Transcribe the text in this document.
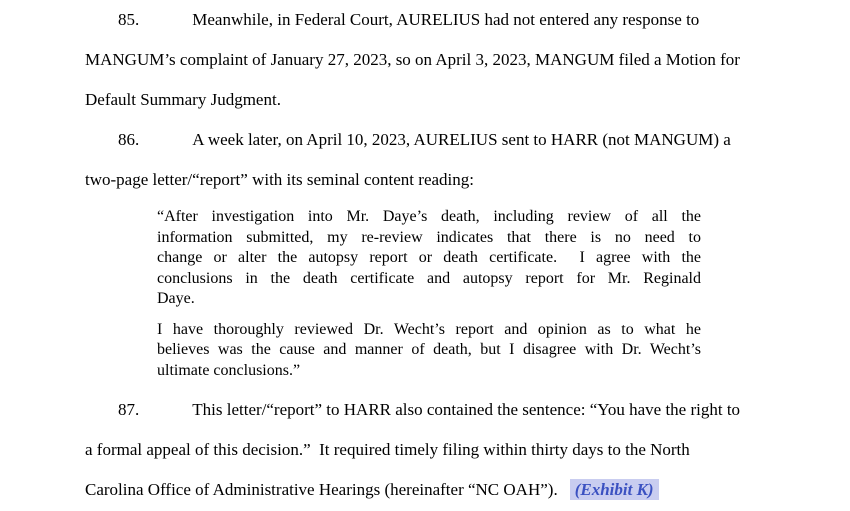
85.	Meanwhile, in Federal Court, AURELIUS had not entered any response to
MANGUM’s complaint of January 27, 2023, so on April 3, 2023, MANGUM filed a Motion for
Default Summary Judgment.
86.	A week later, on April 10, 2023, AURELIUS sent to HARR (not MANGUM) a
two-page letter/“report” with its seminal content reading:
“After investigation into Mr. Daye’s death, including review of all the
information submitted, my re-review indicates that there is no need to
change or alter the autopsy report or death certificate.  I agree with the
conclusions in the death certificate and autopsy report for Mr. Reginald
Daye.
I have thoroughly reviewed Dr. Wecht’s report and opinion as to what he
believes was the cause and manner of death, but I disagree with Dr. Wecht’s
ultimate conclusions.”
87.	This letter/“report” to HARR also contained the sentence: “You have the right to
a formal appeal of this decision.”  It required timely filing within thirty days to the North
Carolina Office of Administrative Hearings (hereinafter “NC OAH”). (Exhibit K)
